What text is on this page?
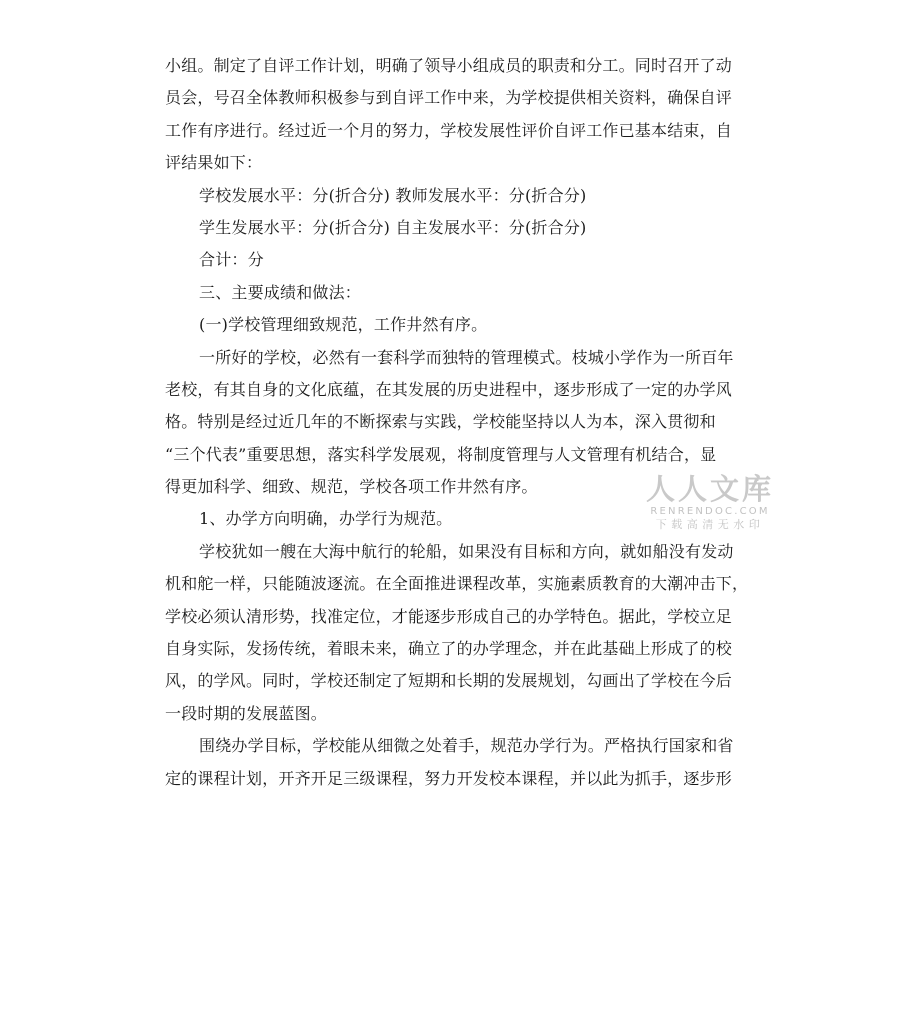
小组。制定了自评工作计划，明确了领导小组成员的职责和分工。同时召开了动
员会，号召全体教师积极参与到自评工作中来，为学校提供相关资料，确保自评
工作有序进行。经过近一个月的努力，学校发展性评价自评工作已基本结束，自
评结果如下：
学校发展水平：分(折合分) 教师发展水平：分(折合分)
学生发展水平：分(折合分) 自主发展水平：分(折合分)
合计：分
三、主要成绩和做法：
(一)学校管理细致规范，工作井然有序。
一所好的学校，必然有一套科学而独特的管理模式。枝城小学作为一所百年
老校，有其自身的文化底蕴，在其发展的历史进程中，逐步形成了一定的办学风
格。特别是经过近几年的不断探索与实践，学校能坚持以人为本，深入贯彻和
“三个代表”重要思想，落实科学发展观，将制度管理与人文管理有机结合，显
得更加科学、细致、规范，学校各项工作井然有序。
1、办学方向明确，办学行为规范。
学校犹如一艘在大海中航行的轮船，如果没有目标和方向，就如船没有发动
机和舵一样，只能随波逐流。在全面推进课程改革，实施素质教育的大潮冲击下，
学校必须认清形势，找准定位，才能逐步形成自己的办学特色。据此，学校立足
自身实际，发扬传统，着眼未来，确立了的办学理念，并在此基础上形成了的校
风，的学风。同时，学校还制定了短期和长期的发展规划，勾画出了学校在今后
一段时期的发展蓝图。
围绕办学目标，学校能从细微之处着手，规范办学行为。严格执行国家和省
定的课程计划，开齐开足三级课程，努力开发校本课程，并以此为抓手，逐步形
人人文库
RENRENDOC.COM
下载高清无水印
